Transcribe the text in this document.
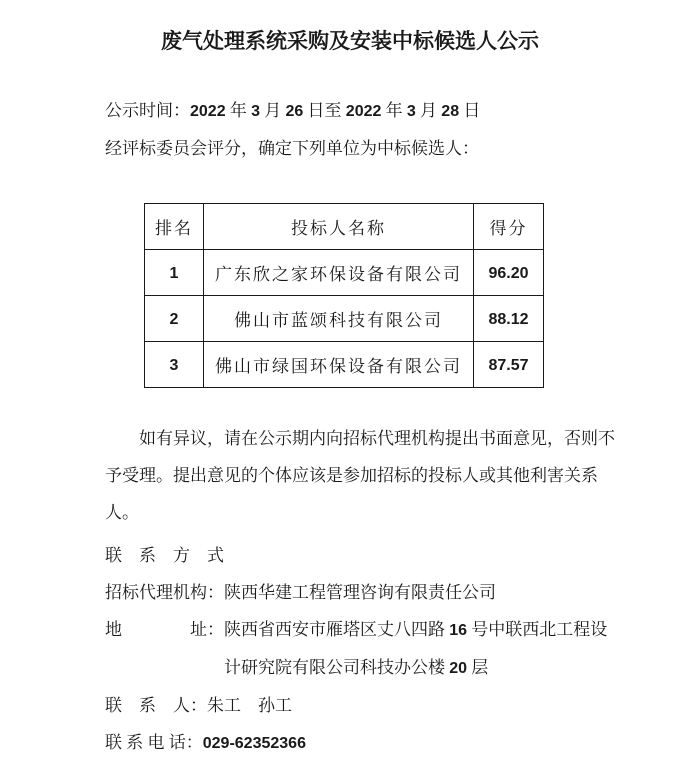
废气处理系统采购及安装中标候选人公示
公示时间：2022 年 3 月 26 日至 2022 年 3 月 28 日
经评标委员会评分，确定下列单位为中标候选人：
排名	投标人名称	得分
1	广东欣之家环保设备有限公司	96.20
2	佛山市蓝颂科技有限公司	88.12
3	佛山市绿国环保设备有限公司	87.57
如有异议，请在公示期内向招标代理机构提出书面意见，否则不予受理。提出意见的个体应该是参加招标的投标人或其他利害关系人。
联　系　方　式
招标代理机构： 陕西华建工程管理咨询有限责任公司
地　　　　址： 陕西省西安市雁塔区丈八四路 16 号中联西北工程设计研究院有限公司科技办公楼 20 层
联　系　人： 朱工　孙工
联 系 电 话： 029-62352366
